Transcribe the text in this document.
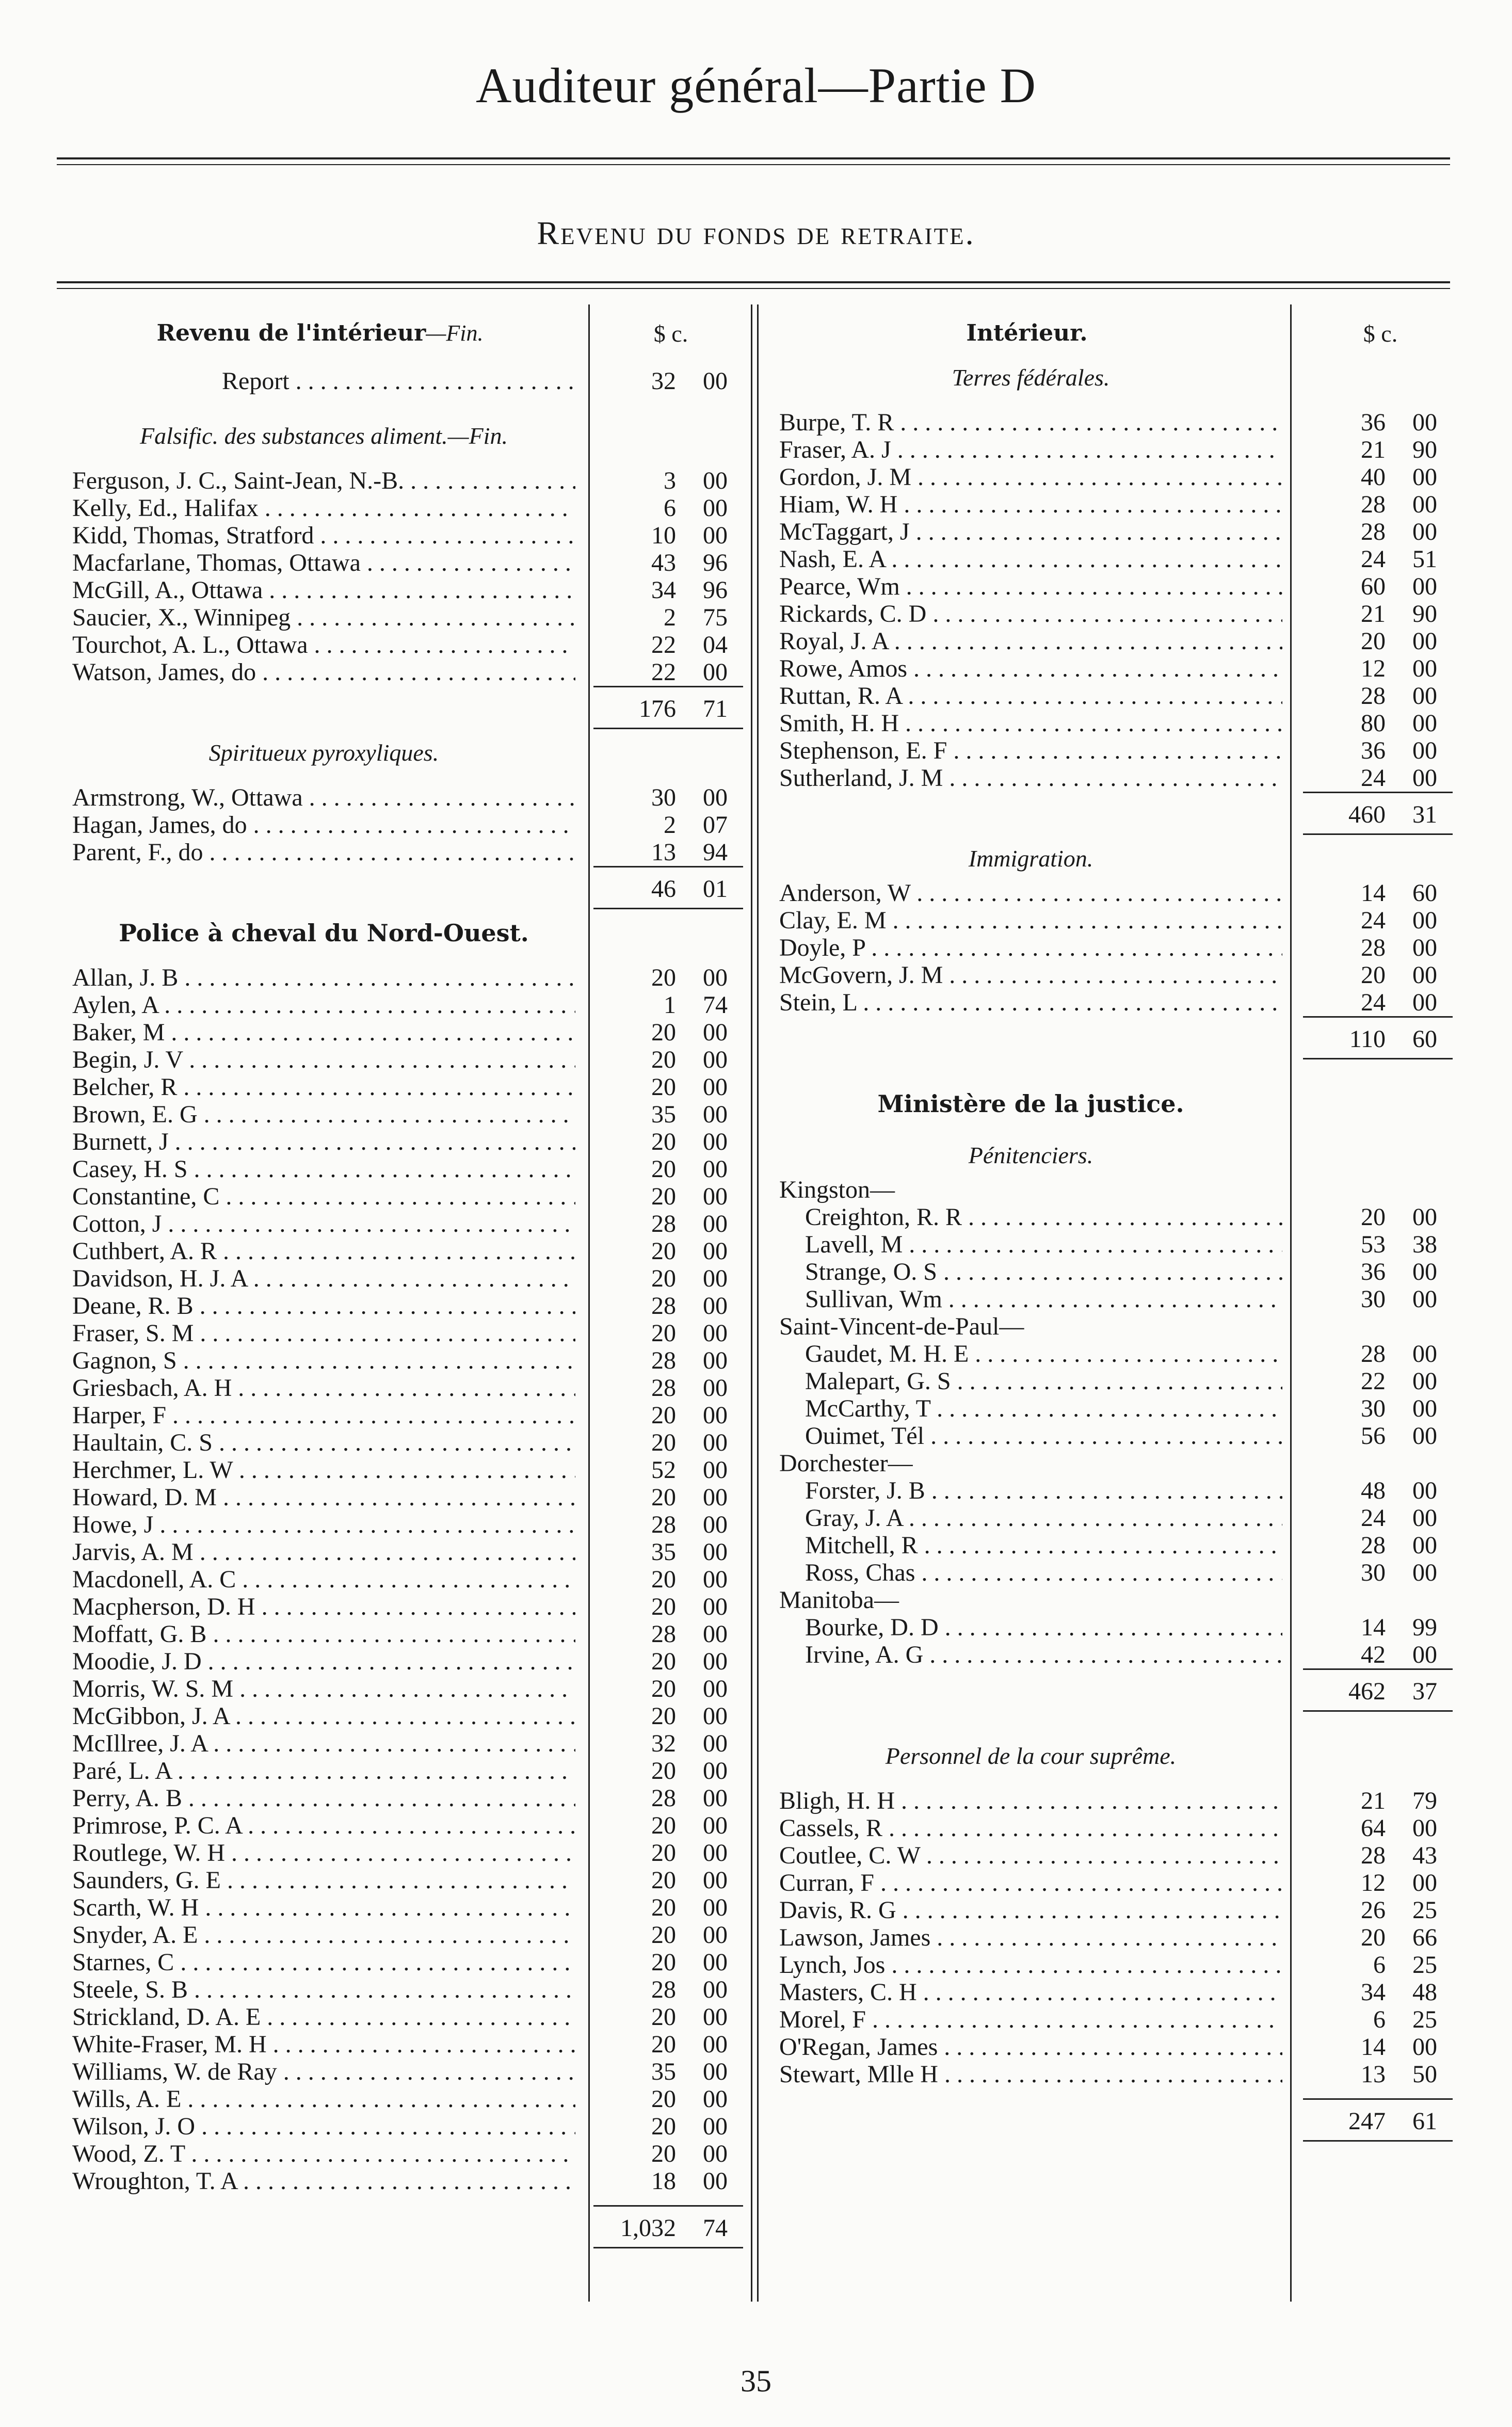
Auditeur général—Partie D
Revenu du fonds de retraite.
Revenu de l'intérieur—Fin.	$ c.
Report . . .	32 00
Falsific. des substances aliment.—Fin.
Ferguson, J. C., Saint-Jean, N.-B. . . .	3 00
Kelly, Ed., Halifax . . .	6 00
Kidd, Thomas, Stratford . . .	10 00
Macfarlane, Thomas, Ottawa . . .	43 96
McGill, A., Ottawa . . .	34 96
Saucier, X., Winnipeg . . .	2 75
Tourchot, A. L., Ottawa . . .	22 04
Watson, James, do . . .	22 00
176 71
Spiritueux pyroxyliques.
Armstrong, W., Ottawa . . .	30 00
Hagan, James, do . . .	2 07
Parent, F., do . . .	13 94
46 01
Police à cheval du Nord-Ouest.
Allan, J. B . . .	20 00
Aylen, A . . .	1 74
Baker, M . . .	20 00
Begin, J. V . . .	20 00
Belcher, R . . .	20 00
Brown, E. G . . .	35 00
Burnett, J . . .	20 00
Casey, H. S . . .	20 00
Constantine, C . . .	20 00
Cotton, J . . .	28 00
Cuthbert, A. R . . .	20 00
Davidson, H. J. A . . .	20 00
Deane, R. B . . .	28 00
Fraser, S. M . . .	20 00
Gagnon, S . . .	28 00
Griesbach, A. H . . .	28 00
Harper, F . . .	20 00
Haultain, C. S . . .	20 00
Herchmer, L. W . . .	52 00
Howard, D. M . . .	20 00
Howe, J . . .	28 00
Jarvis, A. M . . .	35 00
Macdonell, A. C . . .	20 00
Macpherson, D. H . . .	20 00
Moffatt, G. B . . .	28 00
Moodie, J. D . . .	20 00
Morris, W. S. M . . .	20 00
McGibbon, J. A . . .	20 00
McIllree, J. A . . .	32 00
Paré, L. A . . .	20 00
Perry, A. B . . .	28 00
Primrose, P. C. A . . .	20 00
Routlege, W. H . . .	20 00
Saunders, G. E . . .	20 00
Scarth, W. H . . .	20 00
Snyder, A. E . . .	20 00
Starnes, C . . .	20 00
Steele, S. B . . .	28 00
Strickland, D. A. E . . .	20 00
White-Fraser, M. H . . .	20 00
Williams, W. de Ray . . .	35 00
Wills, A. E . . .	20 00
Wilson, J. O . . .	20 00
Wood, Z. T . . .	20 00
Wroughton, T. A . . .	18 00
1,032 74
Intérieur.	$ c.
Terres fédérales.
Burpe, T. R . . .	36 00
Fraser, A. J . . .	21 90
Gordon, J. M . . .	40 00
Hiam, W. H . . .	28 00
McTaggart, J . . .	28 00
Nash, E. A . . .	24 51
Pearce, Wm . . .	60 00
Rickards, C. D . . .	21 90
Royal, J. A . . .	20 00
Rowe, Amos . . .	12 00
Ruttan, R. A . . .	28 00
Smith, H. H . . .	80 00
Stephenson, E. F . . .	36 00
Sutherland, J. M . . .	24 00
460 31
Immigration.
Anderson, W . . .	14 60
Clay, E. M . . .	24 00
Doyle, P . . .	28 00
McGovern, J. M . . .	20 00
Stein, L . . .	24 00
110 60
Ministère de la justice.
Pénitenciers.
Kingston—
Creighton, R. R . . .	20 00
Lavell, M . . .	53 38
Strange, O. S . . .	36 00
Sullivan, Wm . . .	30 00
Saint-Vincent-de-Paul—
Gaudet, M. H. E . . .	28 00
Malepart, G. S . . .	22 00
McCarthy, T . . .	30 00
Ouimet, Tél . . .	56 00
Dorchester—
Forster, J. B . . .	48 00
Gray, J. A . . .	24 00
Mitchell, R . . .	28 00
Ross, Chas . . .	30 00
Manitoba—
Bourke, D. D . . .	14 99
Irvine, A. G . . .	42 00
462 37
Personnel de la cour suprême.
Bligh, H. H . . .	21 79
Cassels, R . . .	64 00
Coutlee, C. W . . .	28 43
Curran, F . . .	12 00
Davis, R. G . . .	26 25
Lawson, James . . .	20 66
Lynch, Jos . . .	6 25
Masters, C. H . . .	34 48
Morel, F . . .	6 25
O'Regan, James . . .	14 00
Stewart, Mlle H . . .	13 50
247 61
35
